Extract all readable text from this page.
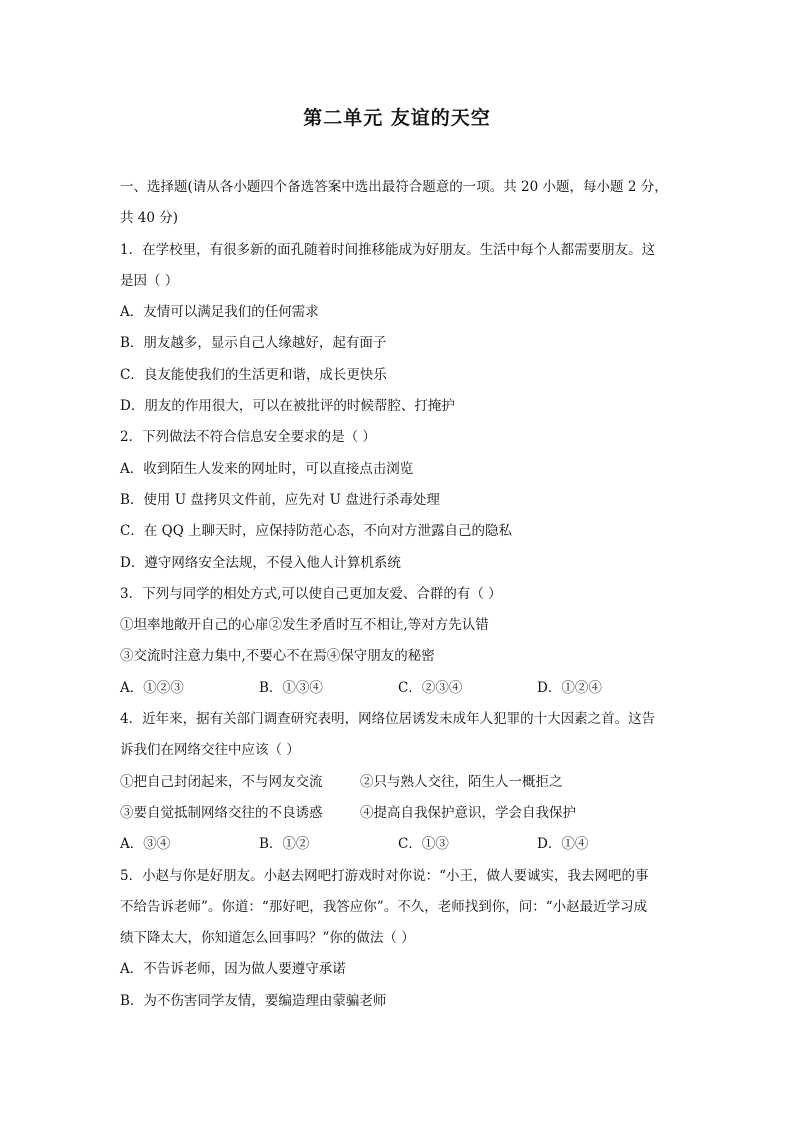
第二单元 友谊的天空
一、选择题(请从各小题四个备选答案中选出最符合题意的一项。共 20 小题，每小题 2 分，
共 40 分)
1．在学校里，有很多新的面孔随着时间推移能成为好朋友。生活中每个人都需要朋友。这
是因（ ）
A．友情可以满足我们的任何需求
B．朋友越多，显示自己人缘越好，起有面子
C．良友能使我们的生活更和谐，成长更快乐
D．朋友的作用很大，可以在被批评的时候帮腔、打掩护
2．下列做法不符合信息安全要求的是（ ）
A．收到陌生人发来的网址时，可以直接点击浏览
B．使用 U 盘拷贝文件前，应先对 U 盘进行杀毒处理
C．在 QQ 上聊天时，应保持防范心态，不向对方泄露自己的隐私
D．遵守网络安全法规，不侵入他人计算机系统
3．下列与同学的相处方式,可以使自己更加友爱、合群的有（ ）
①坦率地敞开自己的心扉②发生矛盾时互不相让,等对方先认错
③交流时注意力集中,不要心不在焉④保守朋友的秘密
A．①②③	B．①③④	C．②③④	D．①②④
4．近年来，据有关部门调查研究表明，网络位居诱发未成年人犯罪的十大因素之首。这告
诉我们在网络交往中应该（ ）
①把自己封闭起来，不与网友交流	②只与熟人交往，陌生人一概拒之
③要自觉抵制网络交往的不良诱惑	④提高自我保护意识，学会自我保护
A．③④	B．①②	C．①③	D．①④
5．小赵与你是好朋友。小赵去网吧打游戏时对你说：“小王，做人要诚实，我去网吧的事
不给告诉老师”。你道：“那好吧，我答应你”。不久，老师找到你，问：“小赵最近学习成
绩下降太大，你知道怎么回事吗？”你的做法（ ）
A．不告诉老师，因为做人要遵守承诺
B．为不伤害同学友情，要编造理由蒙骗老师
